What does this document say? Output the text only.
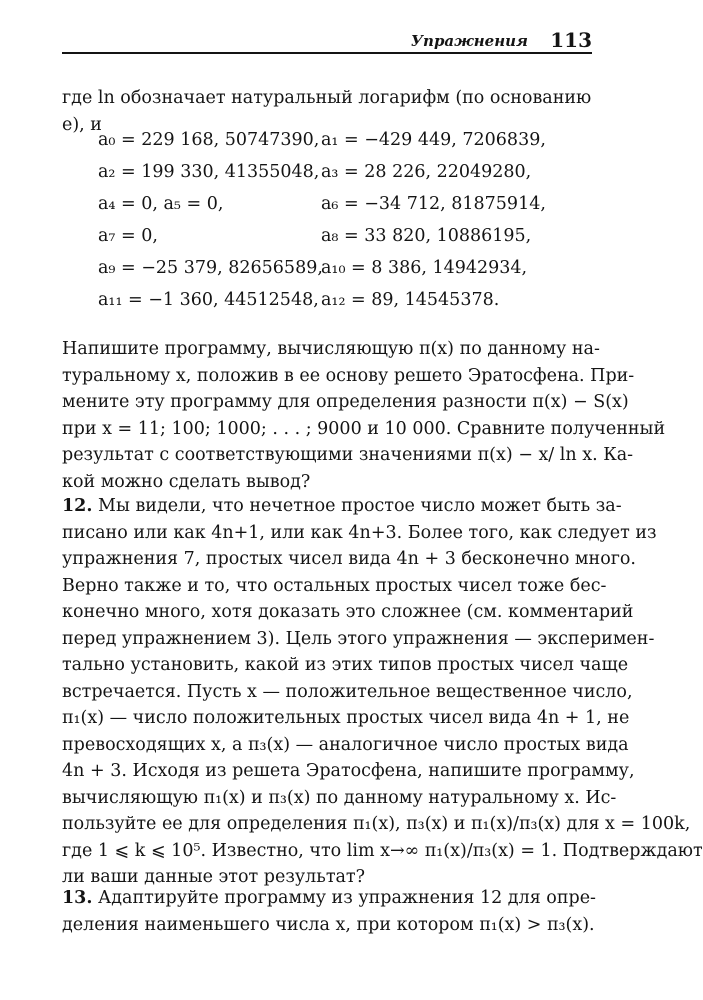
Упражнения 113
где ln обозначает натуральный логарифм (по основанию e), и
a₀ = 229 168, 50747390, a₁ = −429 449, 7206839,
a₂ = 199 330, 41355048, a₃ = 28 226, 22049280,
a₄ = 0, a₅ = 0,	a₆ = −34 712, 81875914,
a₇ = 0,	a₈ = 33 820, 10886195,
a₉ = −25 379, 82656589,
a₁₀ = 8 386, 14942934,
a₁₁ = −1 360, 44512548, a₁₂ = 89, 14545378.
Напишите программу, вычисляющую π(x) по данному на-
туральному x, положив в ее основу решето Эратосфена. При-
мените эту программу для определения разности π(x) − S(x)
при x = 11; 100; 1000; . . . ; 9000 и 10 000. Сравните полученный
результат с соответствующими значениями π(x) − x/ ln x. Ка-
кой можно сделать вывод?
12. Мы видели, что нечетное простое число может быть за-
писано или как 4n+1, или как 4n+3. Более того, как следует из
упражнения 7, простых чисел вида 4n + 3 бесконечно много.
Верно также и то, что остальных простых чисел тоже бес-
конечно много, хотя доказать это сложнее (см. комментарий
перед упражнением 3). Цель этого упражнения — эксперимен-
тально установить, какой из этих типов простых чисел чаще
встречается. Пусть x — положительное вещественное число,
π₁(x) — число положительных простых чисел вида 4n + 1, не
превосходящих x, а π₃(x) — аналогичное число простых вида
4n + 3. Исходя из решета Эратосфена, напишите программу,
вычисляющую π₁(x) и π₃(x) по данному натуральному x. Ис-
пользуйте ее для определения π₁(x), π₃(x) и π₁(x)/π₃(x) для x = 100k,
где 1 ⩽ k ⩽ 10⁵. Известно, что lim x→∞ π₁(x)/π₃(x) = 1. Подтверждают
ли ваши данные этот результат?
13. Адаптируйте программу из упражнения 12 для опре-
деления наименьшего числа x, при котором π₁(x) > π₃(x).
